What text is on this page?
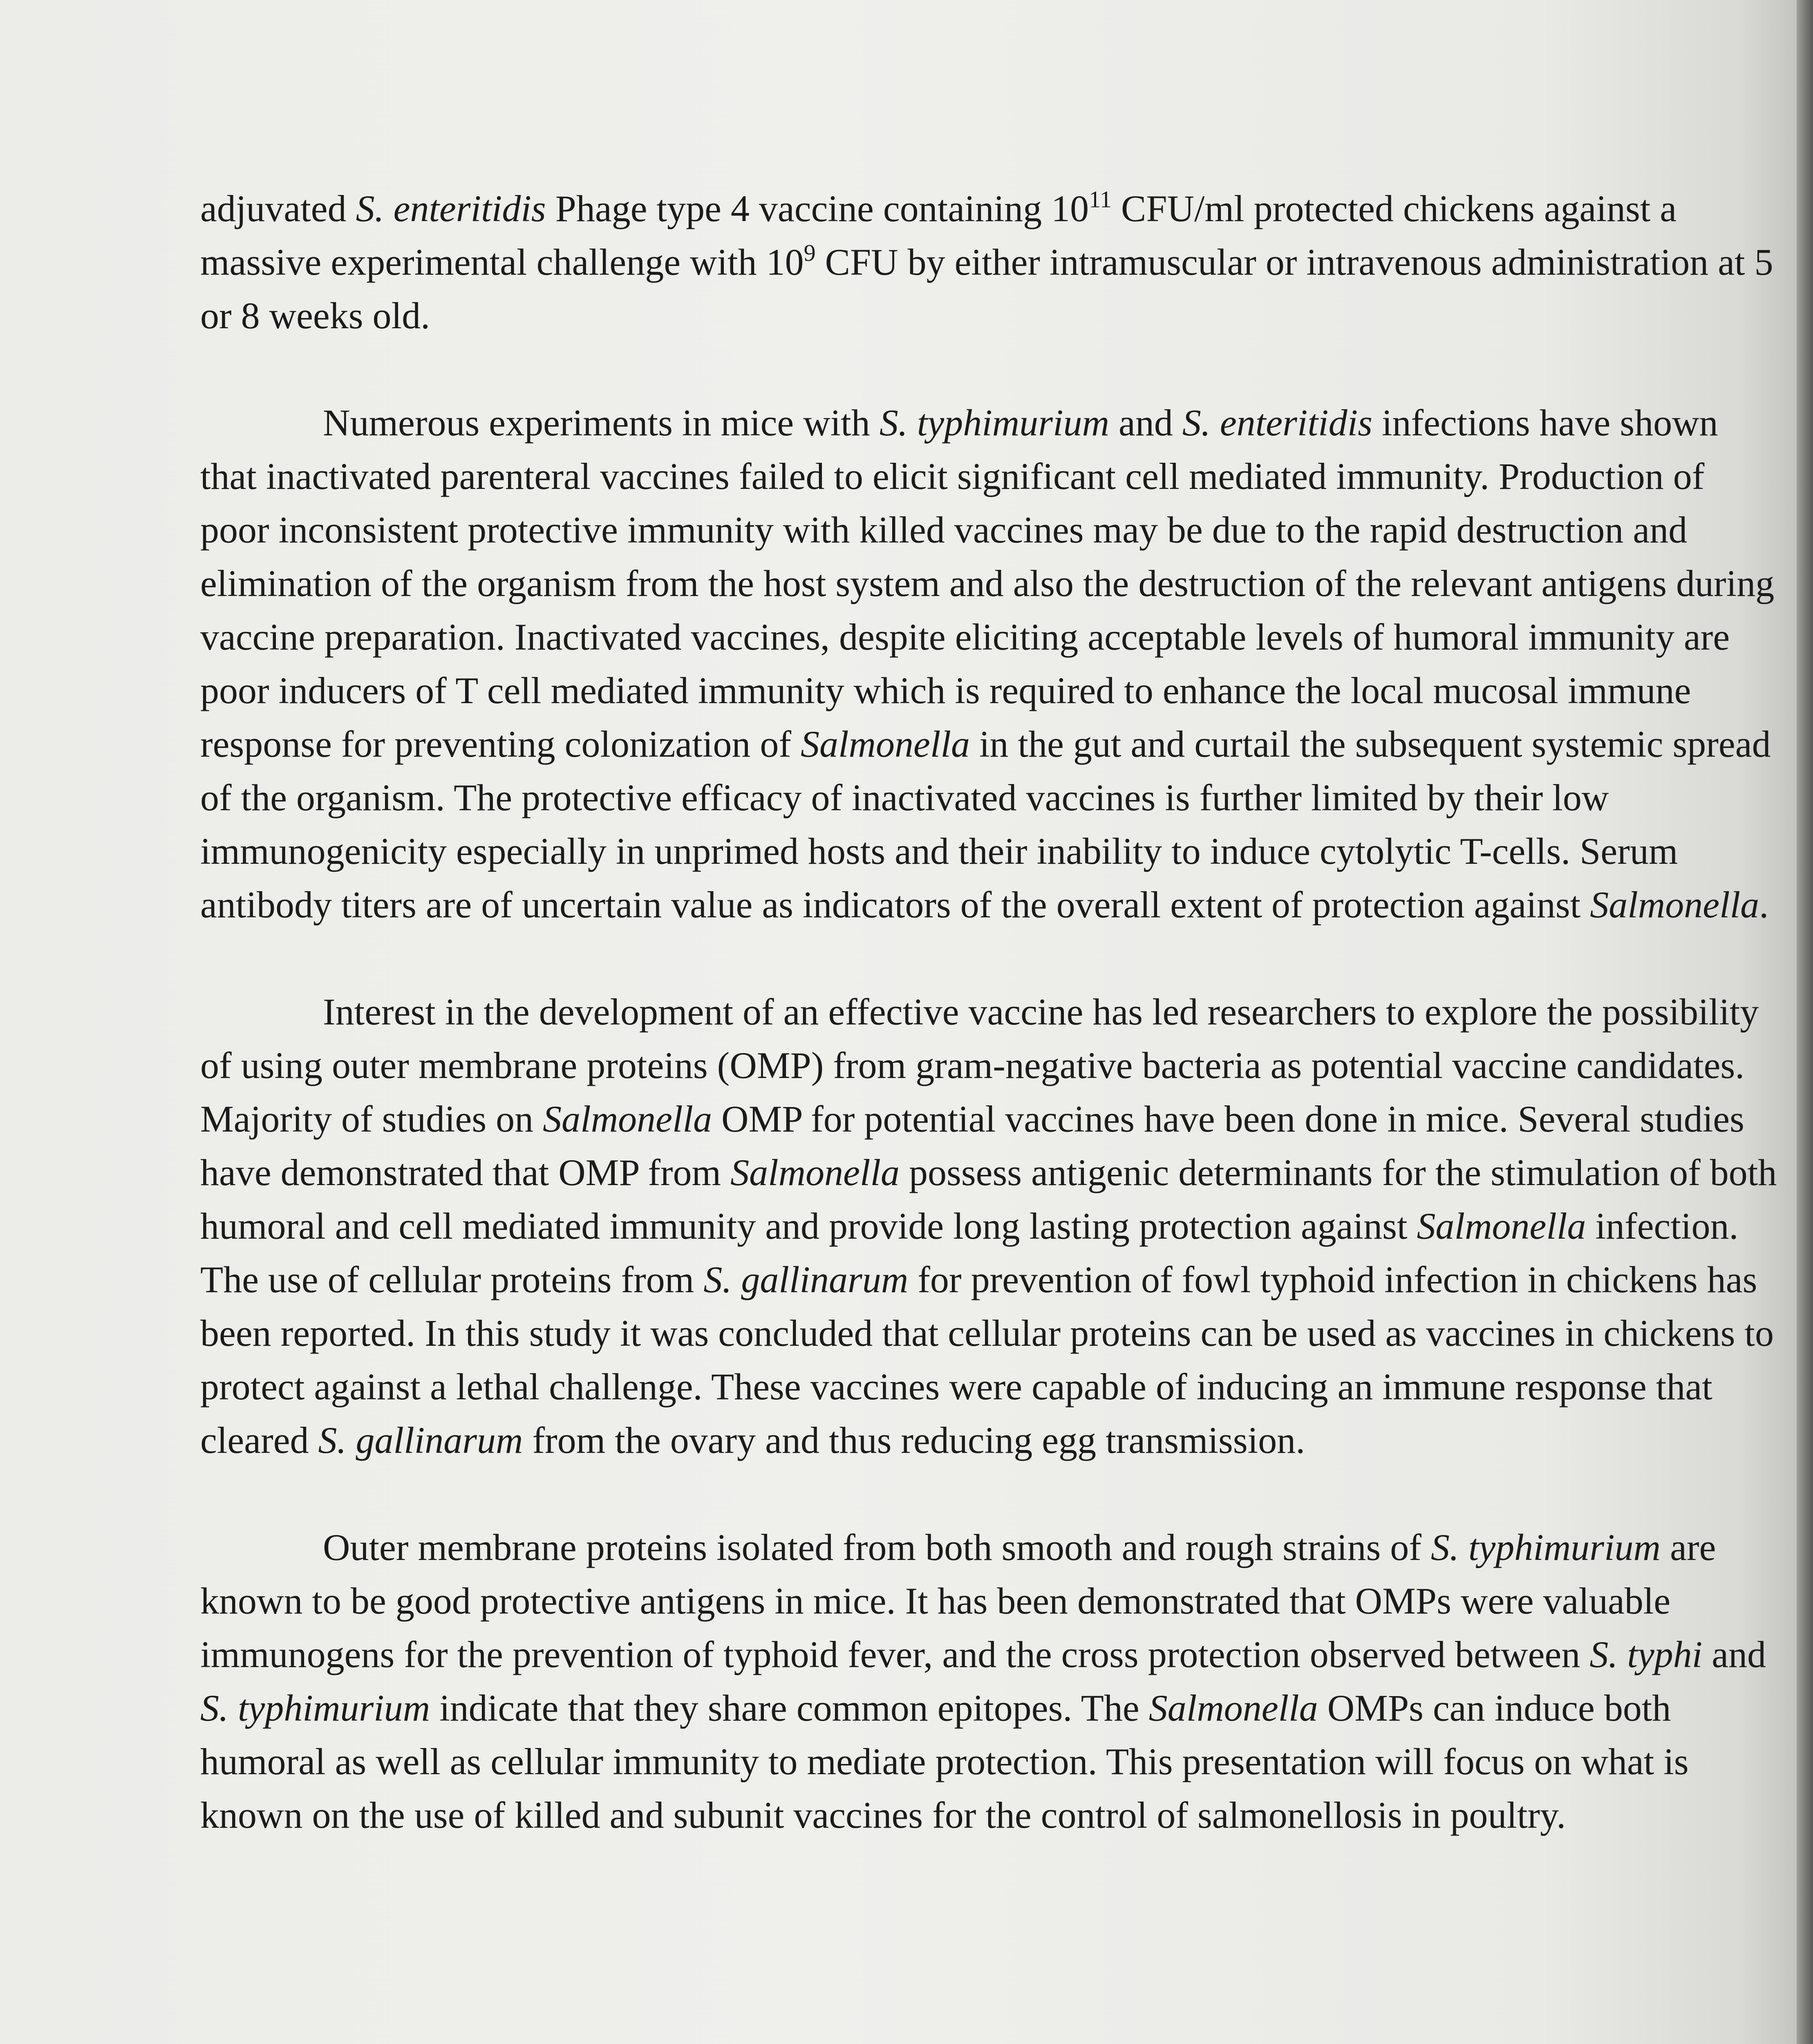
adjuvated S. enteritidis Phage type 4 vaccine containing $10^{11}$ CFU/ml protected chickens against a massive experimental challenge with $10^9$ CFU by either intramuscular or intravenous administration at 5 or 8 weeks old.

Numerous experiments in mice with S. typhimurium and S. enteritidis infections have shown that inactivated parenteral vaccines failed to elicit significant cell mediated immunity. Production of poor inconsistent protective immunity with killed vaccines may be due to the rapid destruction and elimination of the organism from the host system and also the destruction of the relevant antigens during vaccine preparation. Inactivated vaccines, despite eliciting acceptable levels of humoral immunity are poor inducers of T cell mediated immunity which is required to enhance the local mucosal immune response for preventing colonization of Salmonella in the gut and curtail the subsequent systemic spread of the organism. The protective efficacy of inactivated vaccines is further limited by their low immunogenicity especially in unprimed hosts and their inability to induce cytolytic T-cells. Serum antibody titers are of uncertain value as indicators of the overall extent of protection against Salmonella.

Interest in the development of an effective vaccine has led researchers to explore the possibility of using outer membrane proteins (OMP) from gram-negative bacteria as potential vaccine candidates. Majority of studies on Salmonella OMP for potential vaccines have been done in mice. Several studies have demonstrated that OMP from Salmonella possess antigenic determinants for the stimulation of both humoral and cell mediated immunity and provide long lasting protection against Salmonella infection. The use of cellular proteins from S. gallinarum for prevention of fowl typhoid infection in chickens has been reported. In this study it was concluded that cellular proteins can be used as vaccines in chickens to protect against a lethal challenge. These vaccines were capable of inducing an immune response that cleared S. gallinarum from the ovary and thus reducing egg transmission.

Outer membrane proteins isolated from both smooth and rough strains of S. typhimurium are known to be good protective antigens in mice. It has been demonstrated that OMPs were valuable immunogens for the prevention of typhoid fever, and the cross protection observed between S. typhi and S. typhimurium indicate that they share common epitopes. The Salmonella OMPs can induce both humoral as well as cellular immunity to mediate protection. This presentation will focus on what is known on the use of killed and subunit vaccines for the control of salmonellosis in poultry.
